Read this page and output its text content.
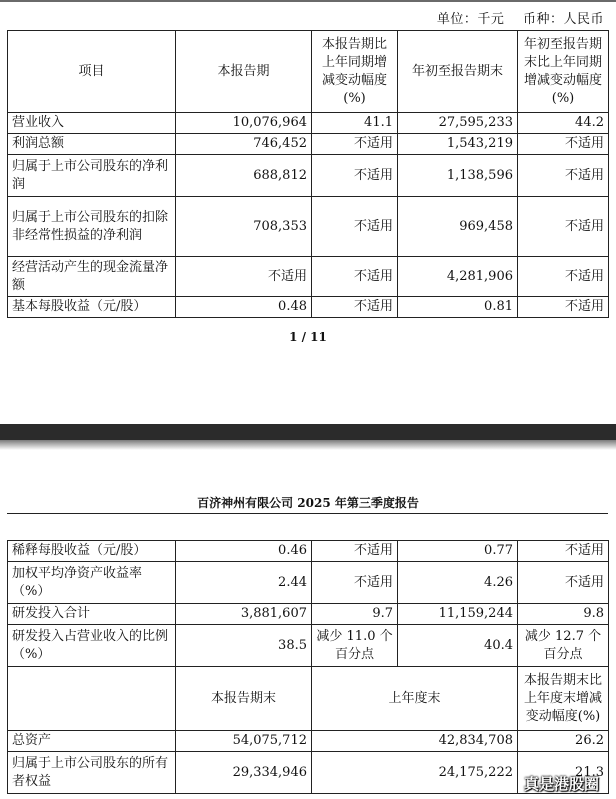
单位：千元 币种：人民币
项目	本报告期	本报告期比上年同期增减变动幅度(%)	年初至报告期末	年初至报告期末比上年同期增减变动幅度(%)
营业收入	10,076,964	41.1	27,595,233	44.2
利润总额	746,452	不适用	1,543,219	不适用
归属于上市公司股东的净利润	688,812	不适用	1,138,596	不适用
归属于上市公司股东的扣除非经常性损益的净利润	708,353	不适用	969,458	不适用
经营活动产生的现金流量净额	不适用	不适用	4,281,906	不适用
基本每股收益（元/股）	0.48	不适用	0.81	不适用
1 / 11
百济神州有限公司 2025 年第三季度报告
稀释每股收益（元/股）	0.46	不适用	0.77	不适用
加权平均净资产收益率（%）	2.44	不适用	4.26	不适用
研发投入合计	3,881,607	9.7	11,159,244	9.8
研发投入占营业收入的比例（%）	38.5	减少 11.0 个百分点	40.4	减少 12.7 个百分点
	本报告期末	上年度末		本报告期末比上年度末增减变动幅度(%)
总资产	54,075,712	42,834,708		26.2
归属于上市公司股东的所有者权益	29,334,946	24,175,222		21.3
真是港股圈
